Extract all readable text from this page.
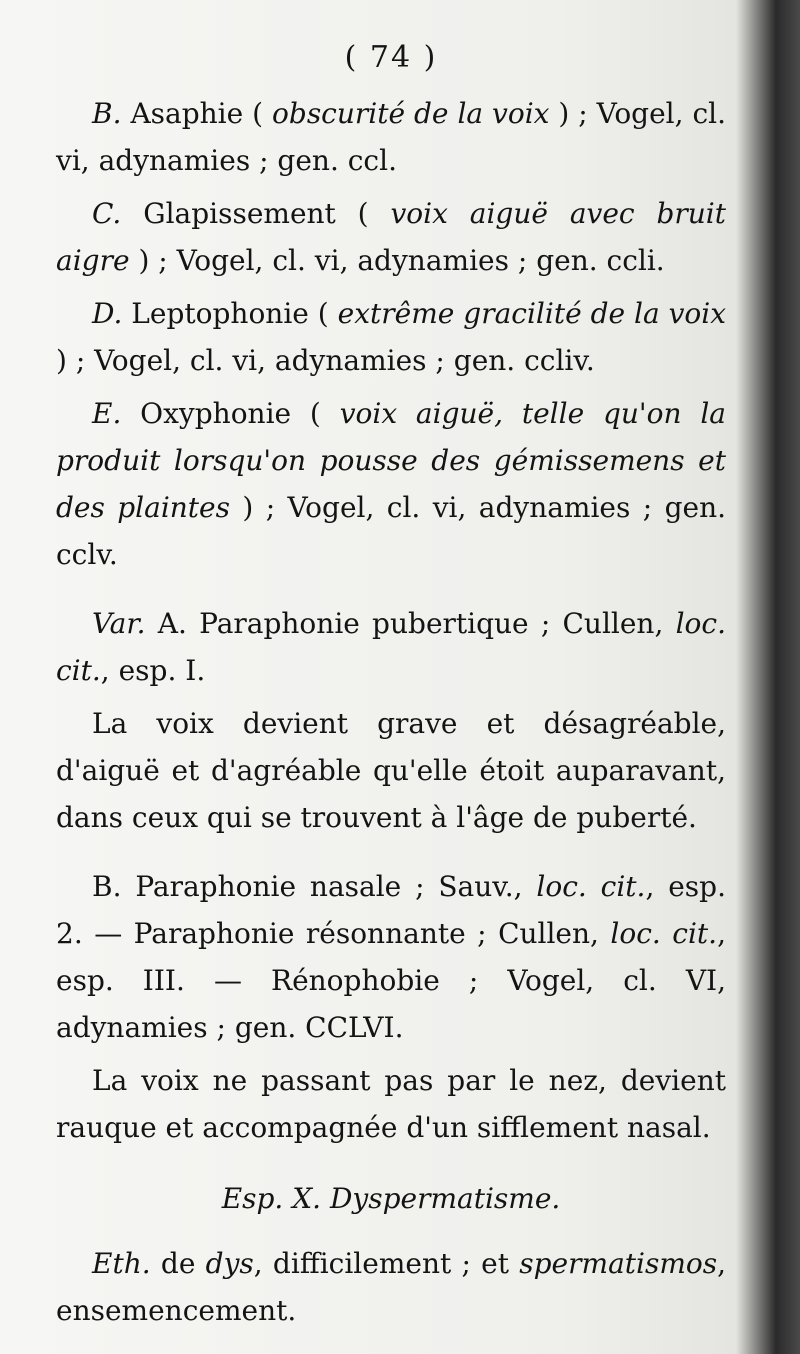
( 74 )

B. Asaphie ( obscurité de la voix ) ; Vogel, cl. vi, adynamies ; gen. ccl.

C. Glapissement ( voix aiguë avec bruit aigre ) ; Vogel, cl. vi, adynamies ; gen. ccli.

D. Leptophonie ( extrême gracilité de la voix ) ; Vogel, cl. vi, adynamies ; gen. ccliv.

E. Oxyphonie ( voix aiguë, telle qu'on la produit lorsqu'on pousse des gémissemens et des plaintes ) ; Vogel, cl. vi, adynamies ; gen. cclv.

Var. A. Paraphonie pubertique ; Cullen, loc. cit., esp. I.

La voix devient grave et désagréable, d'aiguë et d'agréable qu'elle étoit auparavant, dans ceux qui se trouvent à l'âge de puberté.

B. Paraphonie nasale ; Sauv., loc. cit., esp. 2. — Paraphonie résonnante ; Cullen, loc. cit., esp. III. — Rénophobie ; Vogel, cl. VI, adynamies ; gen. CCLVI.

La voix ne passant pas par le nez, devient rauque et accompagnée d'un sifflement nasal.

Esp. X. Dyspermatisme.

Eth. de dys, difficilement ; et spermatismos, ensemencement.
